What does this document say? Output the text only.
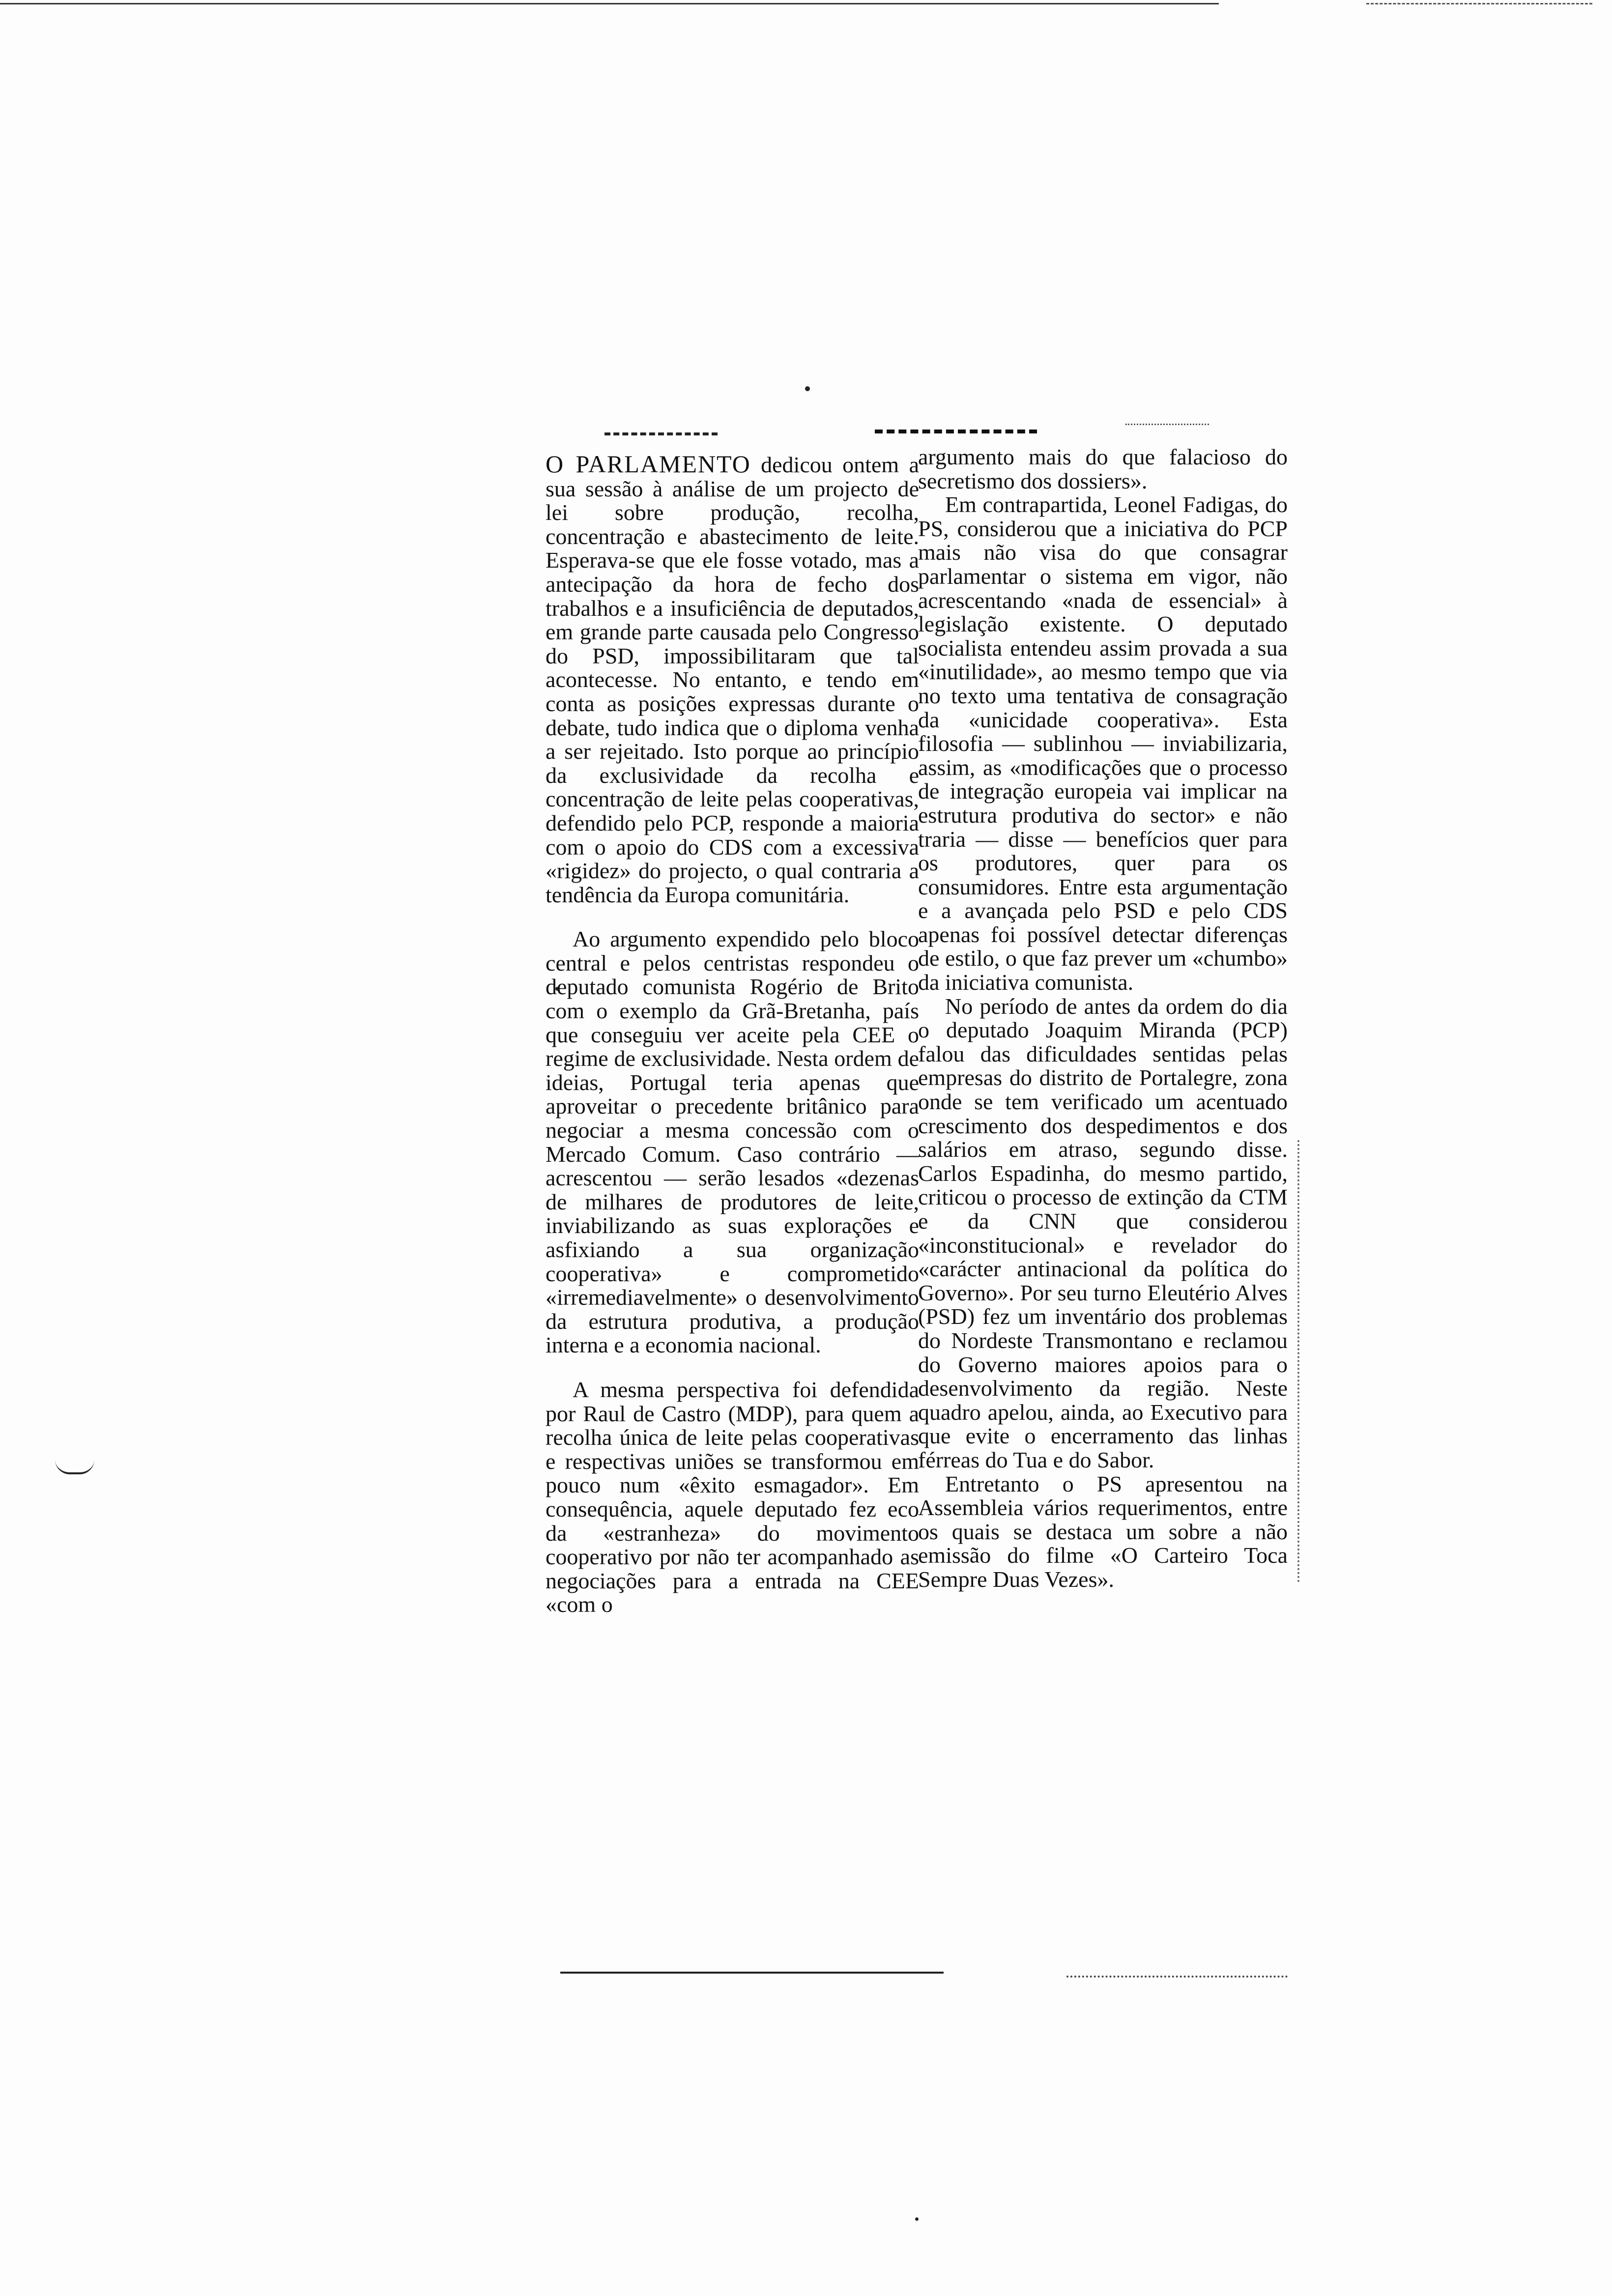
O PARLAMENTO dedicou ontem a sua sessão à análise de um projecto de lei sobre produção, recolha, concentração e abastecimento de leite. Esperava-se que ele fosse votado, mas a antecipação da hora de fecho dos trabalhos e a insuficiência de deputados, em grande parte causada pelo Congresso do PSD, impossibilitaram que tal acontecesse. No entanto, e tendo em conta as posições expressas durante o debate, tudo indica que o diploma venha a ser rejeitado. Isto porque ao princípio da exclusividade da recolha e concentração de leite pelas cooperativas, defendido pelo PCP, responde a maioria com o apoio do CDS com a excessiva «rigidez» do projecto, o qual contraria a tendência da Europa comunitária.

Ao argumento expendido pelo bloco central e pelos centristas respondeu o deputado comunista Rogério de Brito com o exemplo da Grã-Bretanha, país que conseguiu ver aceite pela CEE o regime de exclusividade. Nesta ordem de ideias, Portugal teria apenas que aproveitar o precedente britânico para negociar a mesma concessão com o Mercado Comum. Caso contrário — acrescentou — serão lesados «dezenas de milhares de produtores de leite, inviabilizando as suas explorações e asfixiando a sua organização cooperativa» e comprometido «irremediavelmente» o desenvolvimento da estrutura produtiva, a produção interna e a economia nacional.

A mesma perspectiva foi defendida por Raul de Castro (MDP), para quem a recolha única de leite pelas cooperativas e respectivas uniões se transformou em pouco num «êxito esmagador». Em consequência, aquele deputado fez eco da «estranheza» do movimento cooperativo por não ter acompanhado as negociações para a entrada na CEE «com o

argumento mais do que falacioso do secretismo dos dossiers».

Em contrapartida, Leonel Fadigas, do PS, considerou que a iniciativa do PCP mais não visa do que consagrar parlamentar o sistema em vigor, não acrescentando «nada de essencial» à legislação existente. O deputado socialista entendeu assim provada a sua «inutilidade», ao mesmo tempo que via no texto uma tentativa de consagração da «unicidade cooperativa». Esta filosofia — sublinhou — inviabilizaria, assim, as «modificações que o processo de integração europeia vai implicar na estrutura produtiva do sector» e não traria — disse — benefícios quer para os produtores, quer para os consumidores. Entre esta argumentação e a avançada pelo PSD e pelo CDS apenas foi possível detectar diferenças de estilo, o que faz prever um «chumbo» da iniciativa comunista.

No período de antes da ordem do dia o deputado Joaquim Miranda (PCP) falou das dificuldades sentidas pelas empresas do distrito de Portalegre, zona onde se tem verificado um acentuado crescimento dos despedimentos e dos salários em atraso, segundo disse. Carlos Espadinha, do mesmo partido, criticou o processo de extinção da CTM e da CNN que considerou «inconstitucional» e revelador do «carácter antinacional da política do Governo». Por seu turno Eleutério Alves (PSD) fez um inventário dos problemas do Nordeste Transmontano e reclamou do Governo maiores apoios para o desenvolvimento da região. Neste quadro apelou, ainda, ao Executivo para que evite o encerramento das linhas férreas do Tua e do Sabor.

Entretanto o PS apresentou na Assembleia vários requerimentos, entre os quais se destaca um sobre a não emissão do filme «O Carteiro Toca Sempre Duas Vezes».
